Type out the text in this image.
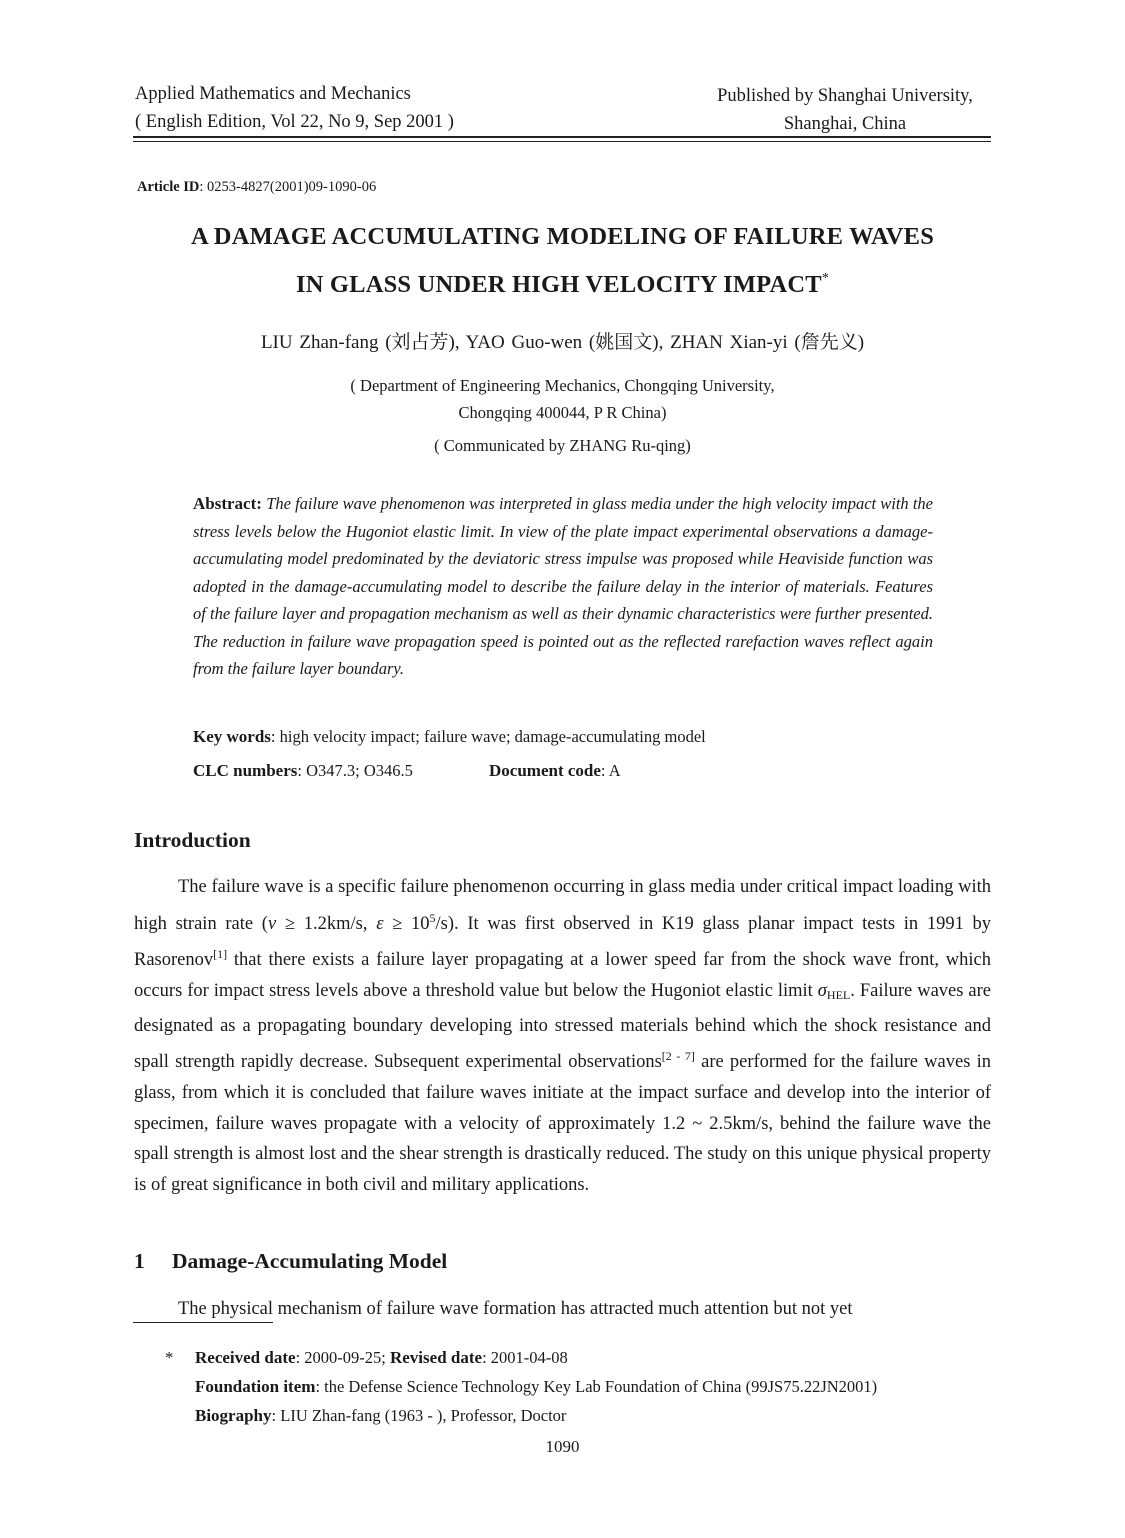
Applied Mathematics and Mechanics
( English Edition, Vol 22, No 9, Sep 2001 )
Published by Shanghai University,
Shanghai, China
Article ID: 0253-4827(2001)09-1090-06
A DAMAGE ACCUMULATING MODELING OF FAILURE WAVES
IN GLASS UNDER HIGH VELOCITY IMPACT*
LIU Zhan-fang (刘占芳), YAO Guo-wen (姚国文), ZHAN Xian-yi (詹先义)
( Department of Engineering Mechanics, Chongqing University,
Chongqing 400044, P R China)
( Communicated by ZHANG Ru-qing)
Abstract: The failure wave phenomenon was interpreted in glass media under the high velocity impact with the stress levels below the Hugoniot elastic limit. In view of the plate impact experimental observations a damage-accumulating model predominated by the deviatoric stress impulse was proposed while Heaviside function was adopted in the damage-accumulating model to describe the failure delay in the interior of materials. Features of the failure layer and propagation mechanism as well as their dynamic characteristics were further presented. The reduction in failure wave propagation speed is pointed out as the reflected rarefaction waves reflect again from the failure layer boundary.
Key words: high velocity impact; failure wave; damage-accumulating model
CLC numbers: O347.3; O346.5	Document code: A
Introduction

The failure wave is a specific failure phenomenon occurring in glass media under critical impact loading with high strain rate (v ≥ 1.2km/s, $\varepsilon \ge 10^5/s$). It was first observed in K19 glass planar impact tests in 1991 by Rasorenov[1] that there exists a failure layer propagating at a lower speed far from the shock wave front, which occurs for impact stress levels above a threshold value but below the Hugoniot elastic limit $\sigma_{HEL}$. Failure waves are designated as a propagating boundary developing into stressed materials behind which the shock resistance and spall strength rapidly decrease. Subsequent experimental observations[2 - 7] are performed for the failure waves in glass, from which it is concluded that failure waves initiate at the impact surface and develop into the interior of specimen, failure waves propagate with a velocity of approximately 1.2 ~ 2.5km/s, behind the failure wave the spall strength is almost lost and the shear strength is drastically reduced. The study on this unique physical property is of great significance in both civil and military applications.

1 Damage-Accumulating Model

The physical mechanism of failure wave formation has attracted much attention but not yet

* Received date: 2000-09-25; Revised date: 2001-04-08
Foundation item: the Defense Science Technology Key Lab Foundation of China (99JS75.22JN2001)
Biography: LIU Zhan-fang (1963 - ), Professor, Doctor
1090
